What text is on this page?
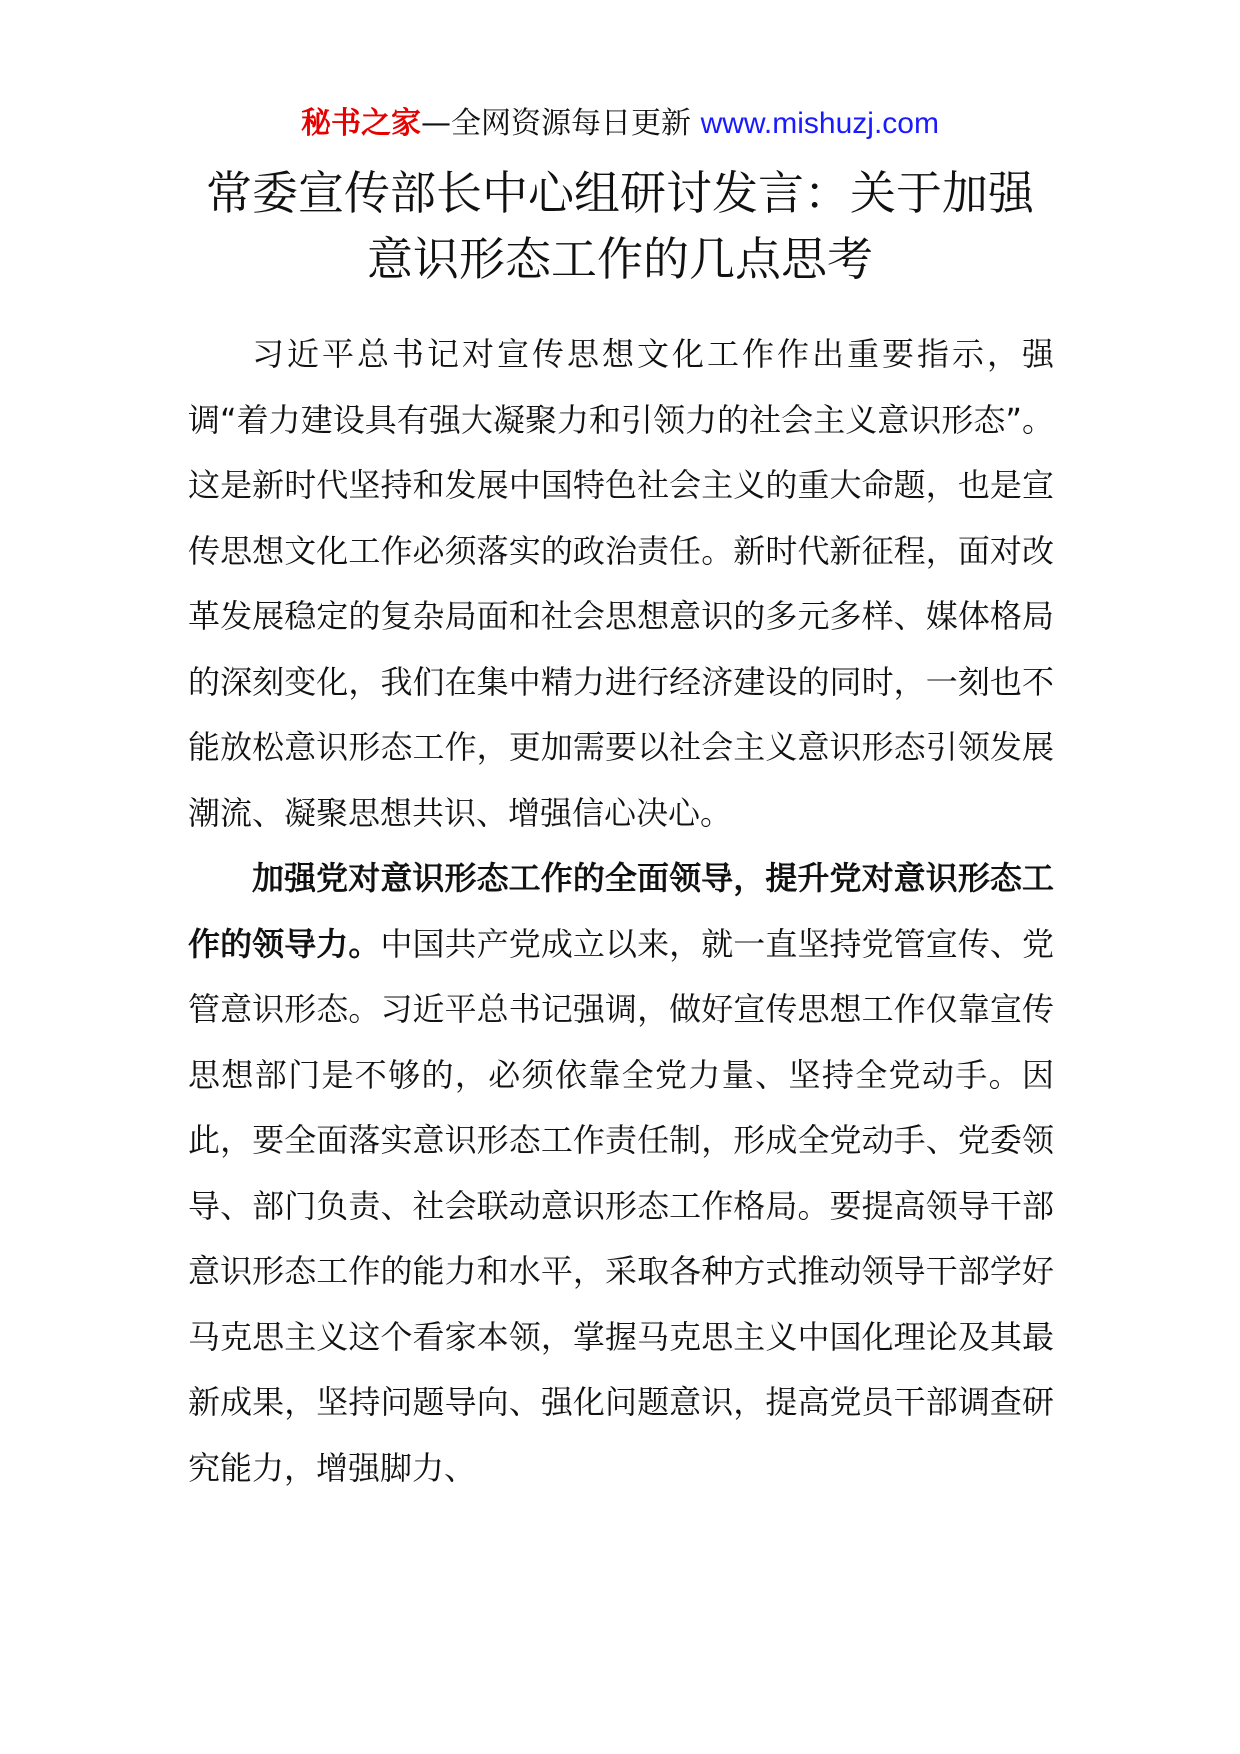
秘书之家—全网资源每日更新 www.mishuzj.com
常委宣传部长中心组研讨发言：关于加强
意识形态工作的几点思考

习近平总书记对宣传思想文化工作作出重要指示，强调“着力建设具有强大凝聚力和引领力的社会主义意识形态”。这是新时代坚持和发展中国特色社会主义的重大命题，也是宣传思想文化工作必须落实的政治责任。新时代新征程，面对改革发展稳定的复杂局面和社会思想意识的多元多样、媒体格局的深刻变化，我们在集中精力进行经济建设的同时，一刻也不能放松意识形态工作，更加需要以社会主义意识形态引领发展潮流、凝聚思想共识、增强信心决心。

加强党对意识形态工作的全面领导，提升党对意识形态工作的领导力。中国共产党成立以来，就一直坚持党管宣传、党管意识形态。习近平总书记强调，做好宣传思想工作仅靠宣传思想部门是不够的，必须依靠全党力量、坚持全党动手。因此，要全面落实意识形态工作责任制，形成全党动手、党委领导、部门负责、社会联动意识形态工作格局。要提高领导干部意识形态工作的能力和水平，采取各种方式推动领导干部学好马克思主义这个看家本领，掌握马克思主义中国化理论及其最新成果，坚持问题导向、强化问题意识，提高党员干部调查研究能力，增强脚力、
